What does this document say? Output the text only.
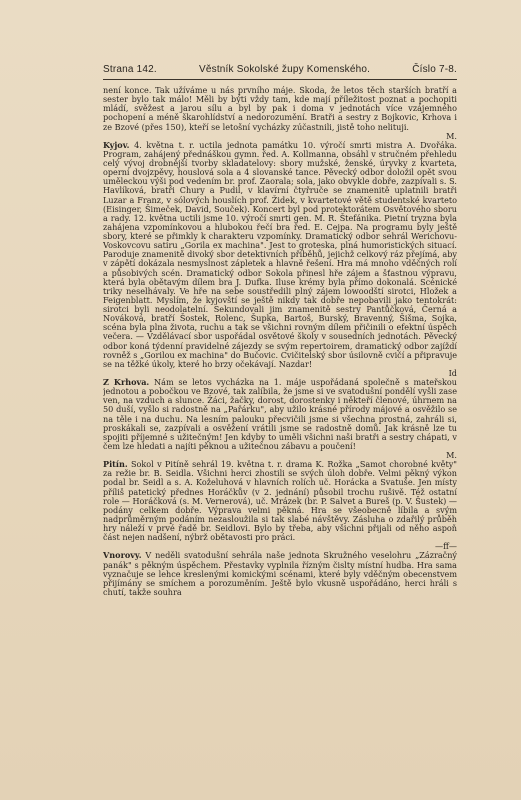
Strana 142.	Věstník Sokolské župy Komenského.	Číslo 7-8.

není konce. Tak užíváme u nás prvního máje. Škoda, že letos těch starších bratří a sester bylo tak málo! Měli by býti vždy tam, kde mají příležitost poznat a pochopiti mládí, svěžest a jarou sílu a byl by pak i doma v jednotách více vzájemného pochopení a méně škarohlídství a nedorozumění. Bratři a sestry z Bojkovic, Krhova i ze Bzové (přes 150), kteří se letošní vycházky zúčastnili, jistě toho nelituji.

M.

Kyjov. 4. května t. r. uctila jednota památku 10. výročí smrti mistra A. Dvořáka. Program, zahájený přednáškou gymn. řed. A. Kollmanna, obsáhl v stručném přehledu celý vývoj drobnější tvorby skladatelovy: sbory mužské, ženské, úryvky z kvarteta, operní dvojzpěvy, houslová sola a 4 slovanské tance. Pěvecký odbor doložil opět svou uměleckou výši pod vedením br. prof. Zaorala; sola, jako obvykle dobře, zazpívali s. S. Havlíková, bratři Chury a Pudil, v klavírní čtyřruče se znamenitě uplatnili bratři Luzar a Franz, v sólových houslích prof. Židek, v kvartetové větě studentské kvarteto (Eisinger, Šimeček, David, Souček). Koncert byl pod protektorátem Osvětového sboru a rady. 12. května uctili jsme 10. výročí smrti gen. M. R. Štefánika. Pietní tryzna byla zahájena vzpomínkovou a hlubokou řečí bra řed. E. Cejpa. Na programu byly ještě sbory, které se přimkly k charakteru vzpomínky. Dramatický odbor sehrál Werichovu-Voskovcovu satiru „Gorila ex machina". Jest to groteska, plná humoristických situací. Paroduje znamenitě divoký sbor detektivních příběhů, jejichž celkový ráz přejímá, aby v zápětí dokázala nesmyslnost zápletek a hlavně řešení. Hra má mnoho vděčných rolí a působivých scén. Dramatický odbor Sokola přinesl hře zájem a šťastnou výpravu, která byla obětavým dílem bra J. Dufka. Iluse krémy byla přímo dokonalá. Scénické triky neselhávaly. Ve hře na sebe soustředili plný zájem lowoodští sirotci, Hložek a Feigenblatt. Myslím, že kyjovští se ještě nikdy tak dobře nepobavili jako tentokrát: sirotci byli neodolatelní. Sekundovali jim znamenitě sestry Pantůčková, Černá a Nováková, bratří Šostek, Rolenc, Šupka, Bartoš, Burský, Bravenný, Šišma, Sojka, scéna byla plna života, ruchu a tak se všichni rovným dílem přičinili o efektní úspěch večera. — Vzdělávací sbor uspořádal osvětové školy v sousedních jednotách. Pěvecký odbor koná týdenní pravidelné zájezdy se svým repertoirem, dramatický odbor zajíždí rovněž s „Gorilou ex machina" do Bučovic. Cvičitelský sbor úsilovně cvičí a připravuje se na těžké úkoly, které ho brzy očekávají. Nazdar!

Id

Z Krhova. Nám se letos vycházka na 1. máje uspořádaná společně s mateřskou jednotou a pobočkou ve Bzové, tak zalíbila, že jsme si ve svatodušní pondělí vyšli zase ven, na vzduch a slunce. Žáci, žačky, dorost, dorostenky i někteří členové, úhrnem na 50 duší, vyšlo si radostně na „Pařárku", aby užilo krásné přírody májové a osvěžilo se na těle i na duchu. Na lesním palouku přecvičili jsme si všechna prostná, zahráli si, proskákali se, zazpívali a osvěžení vrátili jsme se radostně domů. Jak krásně lze tu spojiti příjemné s užitečným! Jen kdyby to uměli všichni naši bratři a sestry chápati, v čem lze hledati a najíti pěknou a užitečnou zábavu a poučení!

M.

Pitín. Sokol v Pitíně sehrál 19. května t. r. drama K. Rožka „Samot chorobné květy" za režie br. B. Seidla. Všichni herci zhostili se svých úloh dobře. Velmi pěkný výkon podal br. Seidl a s. A. Koželuhová v hlavních rolích uč. Horácka a Svatuše. Jen místy příliš patetický přednes Horáčkův (v 2. jednání) působil trochu rušivě. Též ostatní role — Horáčková (s. M. Vernerová), uč. Mrázek (br. P. Salvet a Bureš (p. V. Šustek) — podány celkem dobře. Výprava velmi pěkná. Hra se všeobecně líbila a svým nadprůměrným podáním nezasloužila si tak slabé návštěvy. Zásluha o zdařilý průběh hry náleží v prvé řadě br. Seidlovi. Bylo by třeba, aby všichni přijali od něho aspoň část nejen nadšení, nýbrž obětavosti pro práci.

—ff—

Vnorovy. V neděli svatodušní sehrála naše jednota Skružného veselohru „Zázračný panák" s pěkným úspěchem. Přestavky vyplnila řízným čislty místní hudba. Hra sama vyznačuje se lehce kreslenými komickými scénami, které byly vděčným obecenstvem přijímány se smíchem a porozuměním. Ještě bylo vkusně uspořádáno, herci hráli s chutí, takže souhra
